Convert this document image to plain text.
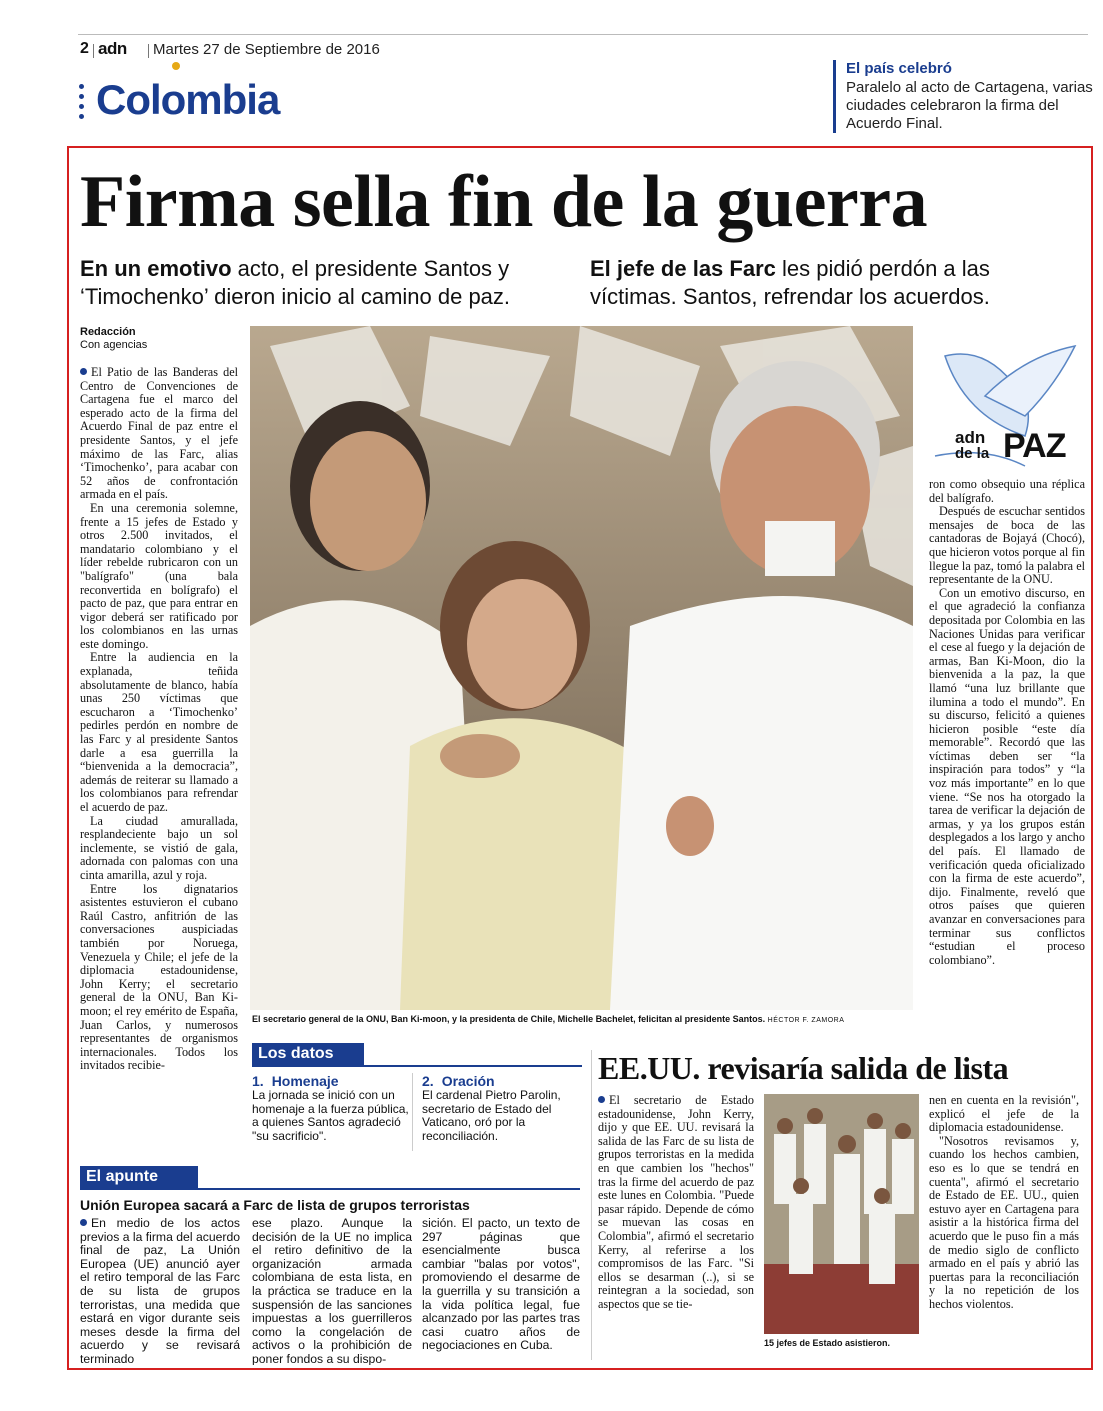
2 adn Martes 27 de Septiembre de 2016
Colombia
El país celebró
Paralelo al acto de Cartagena, varias ciudades celebraron la firma del Acuerdo Final.
Firma sella fin de la guerra
En un emotivo acto, el presidente Santos y ‘Timochenko’ dieron inicio al camino de paz.
El jefe de las Farc les pidió perdón a las víctimas. Santos, refrendar los acuerdos.
Redacción
Con agencias

El Patio de las Banderas del Centro de Convenciones de Cartagena fue el marco del esperado acto de la firma del Acuerdo Final de paz entre el presidente Santos, y el jefe máximo de las Farc, alias ‘Timochenko’, para acabar con 52 años de confrontación armada en el país.

En una ceremonia solemne, frente a 15 jefes de Estado y otros 2.500 invitados, el mandatario colombiano y el líder rebelde rubricaron con un "balígrafo" (una bala reconvertida en bolígrafo) el pacto de paz, que para entrar en vigor deberá ser ratificado por los colombianos en las urnas este domingo.

Entre la audiencia en la explanada, teñida absolutamente de blanco, había unas 250 víctimas que escucharon a ‘Timochenko’ pedirles perdón en nombre de las Farc y al presidente Santos darle a esa guerrilla la “bienvenida a la democracia”, además de reiterar su llamado a los colombianos para refrendar el acuerdo de paz.

La ciudad amurallada, resplandeciente bajo un sol inclemente, se vistió de gala, adornada con palomas con una cinta amarilla, azul y roja.

Entre los dignatarios asistentes estuvieron el cubano Raúl Castro, anfitrión de las conversaciones auspiciadas también por Noruega, Venezuela y Chile; el jefe de la diplomacia estadounidense, John Kerry; el secretario general de la ONU, Ban Ki-moon; el rey emérito de España, Juan Carlos, y numerosos representantes de organismos internacionales. Todos los invitados recibie-

adn
de la PAZ

ron como obsequio una réplica del balígrafo.

Después de escuchar sentidos mensajes de boca de las cantadoras de Bojayá (Chocó), que hicieron votos porque al fin llegue la paz, tomó la palabra el representante de la ONU.

Con un emotivo discurso, en el que agradeció la confianza depositada por Colombia en las Naciones Unidas para verificar el cese al fuego y la dejación de armas, Ban Ki-Moon, dio la bienvenida a la paz, la que llamó “una luz brillante que ilumina a todo el mundo”. En su discurso, felicitó a quienes hicieron posible “este día memorable”. Recordó que las víctimas deben ser “la inspiración para todos” y “la voz más importante” en lo que viene. “Se nos ha otorgado la tarea de verificar la dejación de armas, y ya los grupos están desplegados a los largo y ancho del país. El llamado de verificación queda oficializado con la firma de este acuerdo”, dijo. Finalmente, reveló que otros países que quieren avanzar en conversaciones para terminar sus conflictos “estudian el proceso colombiano”.

El secretario general de la ONU, Ban Ki-moon, y la presidenta de Chile, Michelle Bachelet, felicitan al presidente Santos. HÉCTOR F. ZAMORA
Los datos
1. Homenaje
La jornada se inició con un homenaje a la fuerza pública, a quienes Santos agradeció "su sacrificio".
2. Oración
El cardenal Pietro Parolin, secretario de Estado del Vaticano, oró por la reconciliación.
EE.UU. revisaría salida de lista

El secretario de Estado estadounidense, John Kerry, dijo y que EE. UU. revisará la salida de las Farc de su lista de grupos terroristas en la medida en que cambien los "hechos" tras la firme del acuerdo de paz este lunes en Colombia. "Puede pasar rápido. Depende de cómo se muevan las cosas en Colombia", afirmó el secretario Kerry, al referirse a los compromisos de las Farc. "Si ellos se desarman (..), si se reintegran a la sociedad, son aspectos que se tie-

15 jefes de Estado asistieron.

nen en cuenta en la revisión", explicó el jefe de la diplomacia estadounidense.

"Nosotros revisamos y, cuando los hechos cambien, eso es lo que se tendrá en cuenta", afirmó el secretario de Estado de EE. UU., quien estuvo ayer en Cartagena para asistir a la histórica firma del acuerdo que le puso fin a más de medio siglo de conflicto armado en el país y abrió las puertas para la reconciliación y la no repetición de los hechos violentos.

El apunte
Unión Europea sacará a Farc de lista de grupos terroristas
En medio de los actos previos a la firma del acuerdo final de paz, La Unión Europea (UE) anunció ayer el retiro temporal de las Farc de su lista de grupos terroristas, una medida que estará en vigor durante seis meses desde la firma del acuerdo y se revisará terminado
ese plazo. Aunque la decisión de la UE no implica el retiro definitivo de la organización armada colombiana de esta lista, en la práctica se traduce en la suspensión de las sanciones impuestas a los guerrilleros como la congelación de activos o la prohibición de poner fondos a su dispo-
sición. El pacto, un texto de 297 páginas que esencialmente busca cambiar "balas por votos", promoviendo el desarme de la guerrilla y su transición a la vida política legal, fue alcanzado por las partes tras casi cuatro años de negociaciones en Cuba.
